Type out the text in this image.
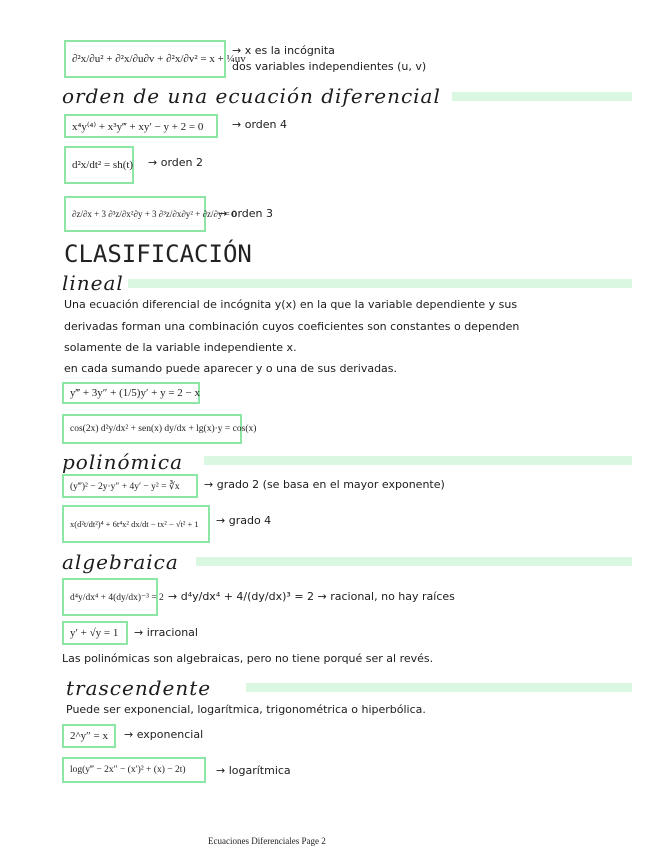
∂²x/∂u² + ∂²x/∂u∂v + ∂²x/∂v² = x + ¼uv
→ x es la incógnita
dos variables independientes (u, v)
orden de una ecuación diferencial
x⁴y⁽⁴⁾ + x³y‴ + xy′ − y + 2 = 0	→ orden 4
d²x/dt² = sh(t) → orden 2
∂z/∂x + 3 ∂³z/∂x²∂y + 3 ∂³z/∂x∂y² + ∂z/∂y = 0
→ orden 3
CLASIFICACIÓN
lineal
Una ecuación diferencial de incógnita y(x) en la que la variable dependiente y sus
derivadas forman una combinación cuyos coeficientes son constantes o dependen
solamente de la variable independiente x.
en cada sumando puede aparecer y o una de sus derivadas.
y‴ + 3y″ + (1/5)y′ + y = 2 − x
cos(2x) d²y/dx² + sen(x) dy/dx + lg(x)·y = cos(x)
polinómica
(y‴)² − 2y·y″ + 4y′ − y² = ∛x → grado 2 (se basa en el mayor exponente)
x(d²t/dt²)⁴ + 6t⁴x² dx/dt − tx² − √t² + 1 → grado 4
algebraica
d⁴y/dx⁴ + 4(dy/dx)⁻³ = 2 → d⁴y/dx⁴ + 4/(dy/dx)³ = 2 → racional, no hay raíces
y′ + √y = 1 → irracional
Las polinómicas son algebraicas, pero no tiene porqué ser al revés.
trascendente
Puede ser exponencial, logarítmica, trigonométrica o hiperbólica.
2^y″ = x → exponencial
log(y‴ − 2x″ − (x′)² + (x) − 2t)	→ logarítmica
Ecuaciones Diferenciales Page 2
